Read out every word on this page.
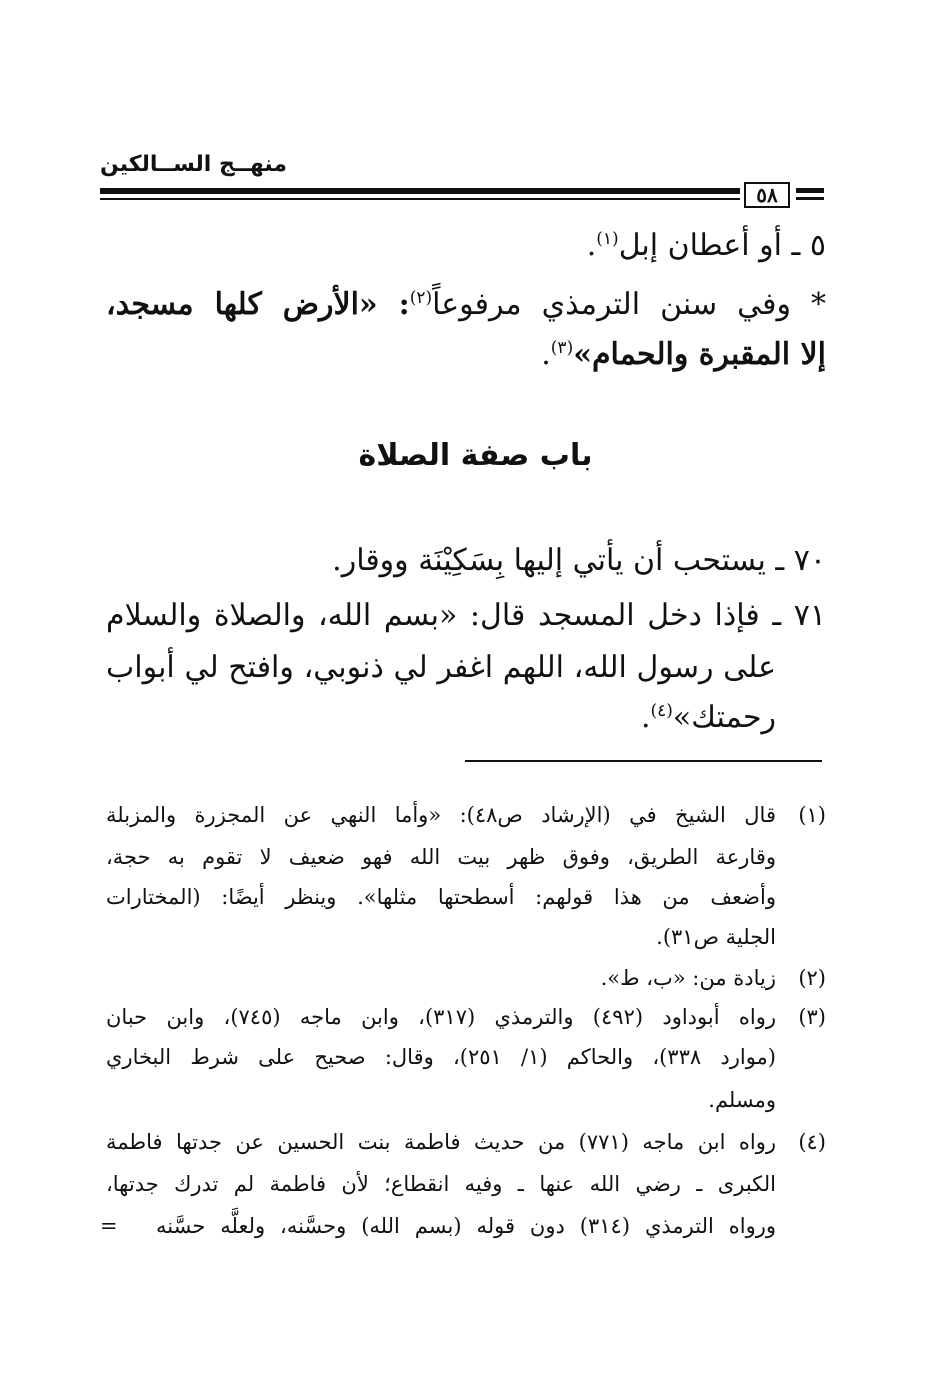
منهــج الســالكين
٥٨
٥ ـ أو أعطان إبل$^{(١)}$.
* وفي سنن الترمذي مرفوعاً$^{(٢)}$: «الأرض كلها مسجد،
إلا المقبرة والحمام»$^{(٣)}$.
باب صفة الصلاة
٧٠ ـ يستحب أن يأتي إليها بِسَكِيْنَة ووقار.
٧١ ـ فإذا دخل المسجد قال: «بسم الله، والصلاة والسلام
على رسول الله، اللهم اغفر لي ذنوبي، وافتح لي أبواب
رحمتك»$^{(٤)}$.
(١)
قال الشيخ في (الإرشاد ص٤٨): «وأما النهي عن المجزرة والمزبلة
وقارعة الطريق، وفوق ظهر بيت الله فهو ضعيف لا تقوم به حجة،
وأضعف من هذا قولهم: أسطحتها مثلها». وينظر أيضًا: (المختارات
الجلية ص٣١).
(٢)
زيادة من: «ب، ط».
(٣)
رواه أبوداود (٤٩٢) والترمذي (٣١٧)، وابن ماجه (٧٤٥)، وابن حبان
(موارد ٣٣٨)، والحاكم (١/ ٢٥١)، وقال: صحيح على شرط البخاري
ومسلم.
(٤)
رواه ابن ماجه (٧٧١) من حديث فاطمة بنت الحسين عن جدتها فاطمة
الكبرى ـ رضي الله عنها ـ وفيه انقطاع؛ لأن فاطمة لم تدرك جدتها،
ورواه الترمذي (٣١٤) دون قوله (بسم الله) وحسَّنه، ولعلَّه حسَّنه
=
